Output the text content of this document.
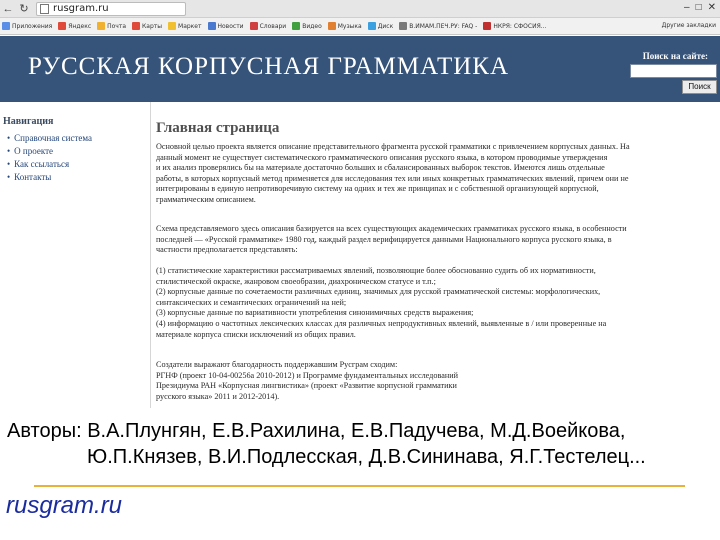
← ↻	rusgram.ru	– □ ✕
Приложения	Яндекс	Почта	Карты	Маркет	Новости	Словари	Видео	Музыка	Диск	В.ИМАМ.ПЕЧ.РУ: FAQ -	НКРЯ: СФОСИЯ...	Другие закладки
РУССКАЯ КОРПУСНАЯ ГРАММАТИКА	Поиск на сайте:
Поиск
Навигация
• Справочная система
• О проекте
• Как ссылаться
• Контакты
Главная страница
Основной целью проекта является описание представительного фрагмента русской грамматики с привлечением корпусных данных. На
данный момент не существует систематического грамматического описания русского языка, в котором проводимые утверждения
и их анализ проверялись бы на материале достаточно больших и сбалансированных выборок текстов. Имеются лишь отдельные
работы, в которых корпусный метод применяется для исследования тех или иных конкретных грамматических явлений, причем они не
интегрированы в единую непротиворечивую систему на одних и тех же принципах и с собственной организующей корпусной,
грамматическим описанием.
Схема представляемого здесь описания базируется на всех существующих академических грамматиках русского языка, в особенности
последней — «Русской грамматике» 1980 год, каждый раздел верифицируется данными Национального корпуса русского языка, в
частности предполагается представлять:
(1) статистические характеристики рассматриваемых явлений, позволяющие более обоснованно судить об их нормативности,
стилистической окраске, жанровом своеобразии, диахроническом статусе и т.п.;
(2) корпусные данные по сочетаемости различных единиц, значимых для русской грамматической системы: морфологических,
синтаксических и семантических ограничений на ней;
(3) корпусные данные по вариативности употребления синонимичных средств выражения;
(4) информацию о частотных лексических классах для различных непродуктивных явлений, выявленные в / или проверенные на
материале корпуса списки исключений из общих правил.
Создатели выражают благодарность поддержавшим Русграм сходим:
РГНФ (проект 10-04-00256а 2010-2012) и Программе фундаментальных исследований
Президиума РАН «Корпусная лингвистика» (проект «Развитие корпусной грамматики
русского языка» 2011 и 2012-2014).
Авторы: В.А.Плунгян, Е.В.Рахилина, Е.В.Падучева, М.Д.Воейкова,
Ю.П.Князев, В.И.Подлесская, Д.В.Сининава, Я.Г.Тестелец...
rusgram.ru
